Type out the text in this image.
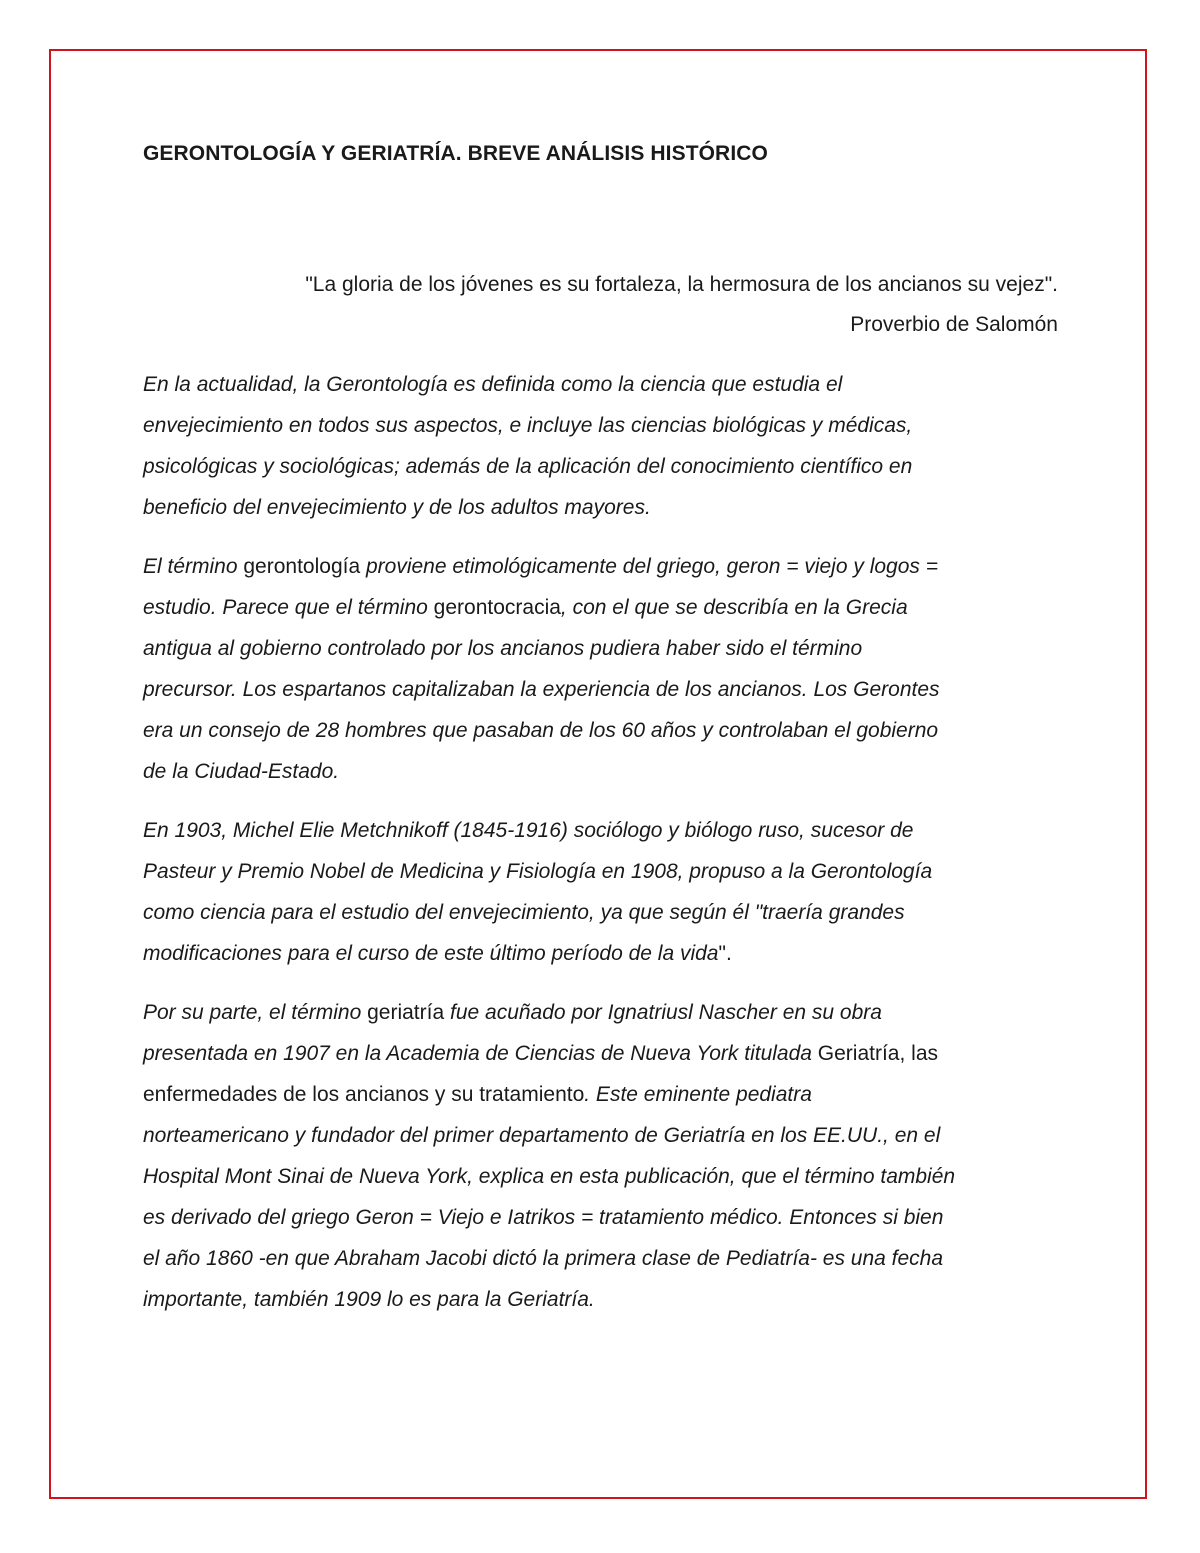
GERONTOLOGÍA Y GERIATRÍA. BREVE ANÁLISIS HISTÓRICO
"La gloria de los jóvenes es su fortaleza, la hermosura de los ancianos su vejez".
Proverbio de Salomón

En la actualidad, la Gerontología es definida como la ciencia que estudia el
envejecimiento en todos sus aspectos, e incluye las ciencias biológicas y médicas,
psicológicas y sociológicas; además de la aplicación del conocimiento científico en
beneficio del envejecimiento y de los adultos mayores.

El término gerontología proviene etimológicamente del griego, geron = viejo y logos =
estudio. Parece que el término gerontocracia, con el que se describía en la Grecia
antigua al gobierno controlado por los ancianos pudiera haber sido el término
precursor. Los espartanos capitalizaban la experiencia de los ancianos. Los Gerontes
era un consejo de 28 hombres que pasaban de los 60 años y controlaban el gobierno
de la Ciudad-Estado.

En 1903, Michel Elie Metchnikoff (1845-1916) sociólogo y biólogo ruso, sucesor de
Pasteur y Premio Nobel de Medicina y Fisiología en 1908, propuso a la Gerontología
como ciencia para el estudio del envejecimiento, ya que según él "traería grandes
modificaciones para el curso de este último período de la vida".

Por su parte, el término geriatría fue acuñado por Ignatriusl Nascher en su obra
presentada en 1907 en la Academia de Ciencias de Nueva York titulada Geriatría, las
enfermedades de los ancianos y su tratamiento. Este eminente pediatra
norteamericano y fundador del primer departamento de Geriatría en los EE.UU., en el
Hospital Mont Sinai de Nueva York, explica en esta publicación, que el término también
es derivado del griego Geron = Viejo e Iatrikos = tratamiento médico. Entonces si bien
el año 1860 -en que Abraham Jacobi dictó la primera clase de Pediatría- es una fecha
importante, también 1909 lo es para la Geriatría.
